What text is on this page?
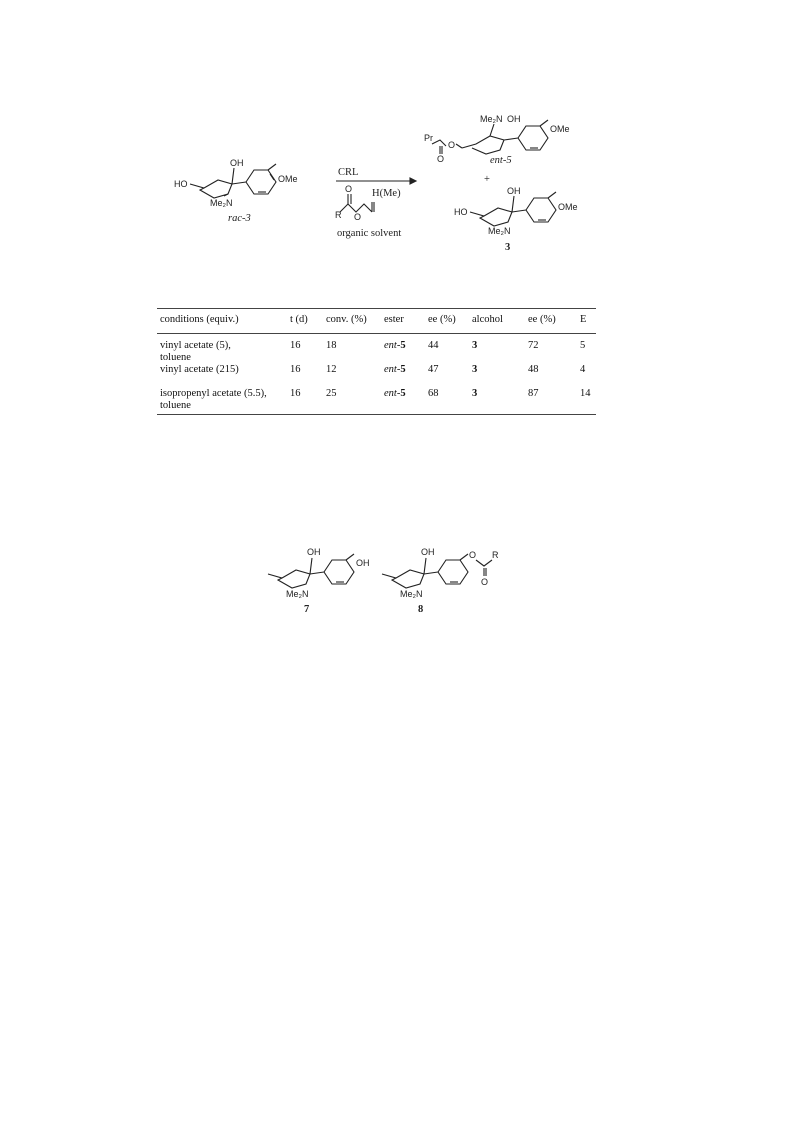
OH
HO	OMe
Me₂N
rac-3
CRL
O
R O
H(Me)
organic solvent
Me₂N OH
Pr
O
O
OMe
ent-5
+
OH
HO	OMe
Me₂N
3
conditions (equiv.)	t (d)	conv. (%)	ester	ee (%)	alcohol	ee (%)	E
vinyl acetate (5),
toluene	16	18	ent-5	44	3	72	5
vinyl acetate (215)	16	12	ent-5	47	3	48	4
isopropenyl acetate (5.5),
toluene	16	25	ent-5	68	3	87	14
OH
OH
Me₂N
7
OH
Me₂N
O R
O
8
